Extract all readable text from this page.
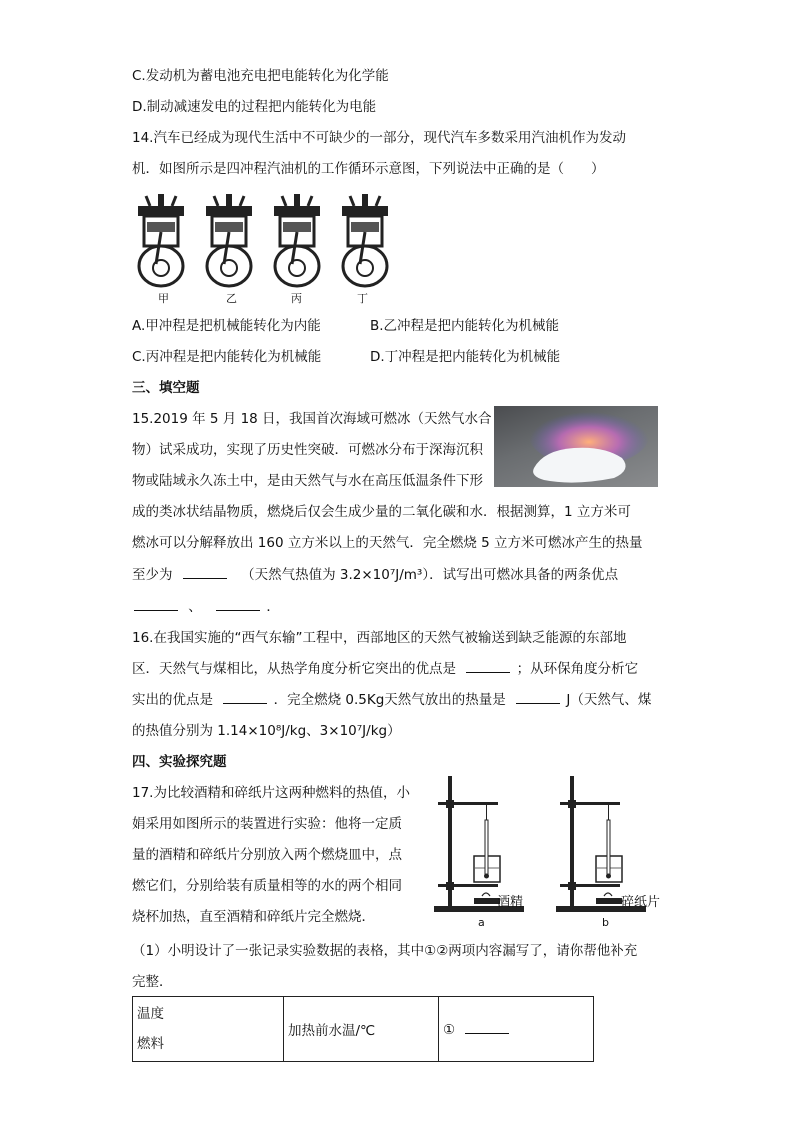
C.发动机为蓄电池充电把电能转化为化学能
D.制动减速发电的过程把内能转化为电能
14.汽车已经成为现代生活中不可缺少的一部分，现代汽车多数采用汽油机作为发动
机．如图所示是四冲程汽油机的工作循环示意图，下列说法中正确的是（　　）
甲	乙	丙	丁
A.甲冲程是把机械能转化为内能	B.乙冲程是把内能转化为机械能
C.丙冲程是把内能转化为机械能	D.丁冲程是把内能转化为机械能
三、填空题
15.2019 年 5 月 18 日，我国首次海域可燃冰（天然气水合
物）试采成功，实现了历史性突破．可燃冰分布于深海沉积
物或陆域永久冻土中，是由天然气与水在高压低温条件下形
成的类冰状结晶物质，燃烧后仅会生成少量的二氧化碳和水．根据测算，1 立方米可
燃冰可以分解释放出 160 立方米以上的天然气．完全燃烧 5 立方米可燃冰产生的热量
至少为	（天然气热值为 3.2×10⁷J/m³）．试写出可燃冰具备的两条优点
、	．
16.在我国实施的“西气东输”工程中，西部地区的天然气被输送到缺乏能源的东部地
区．天然气与煤相比，从热学角度分析它突出的优点是	；从环保角度分析它
实出的优点是	．完全燃烧 0.5Kg天然气放出的热量是	J（天然气、煤
的热值分别为 1.14×10⁸J/kg、3×10⁷J/kg）
四、实验探究题
17.为比较酒精和碎纸片这两种燃料的热值，小
娟采用如图所示的装置进行实验：他将一定质
量的酒精和碎纸片分别放入两个燃烧皿中，点
燃它们，分别给装有质量相等的水的两个相同
烧杯加热，直至酒精和碎纸片完全燃烧．
酒精	碎纸片
a	b
（1）小明设计了一张记录实验数据的表格，其中①②两项内容漏写了，请你帮他补充
完整．
温度
燃料
	加热前水温/℃	①
